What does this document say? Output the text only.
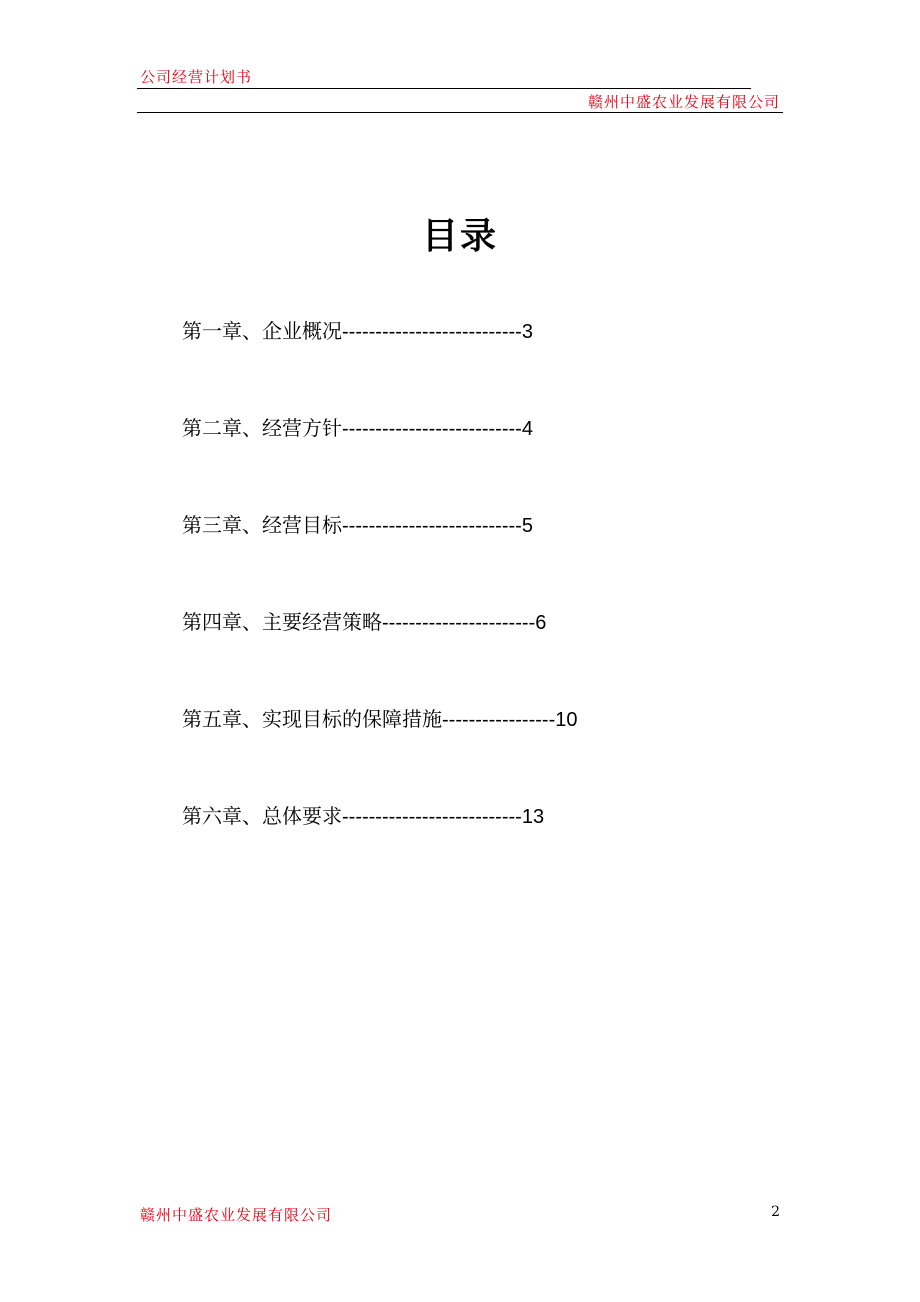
公司经营计划书
赣州中盛农业发展有限公司
目录
第一章、企业概况---------------------------3
第二章、经营方针---------------------------4
第三章、经营目标---------------------------5
第四章、主要经营策略-----------------------6
第五章、实现目标的保障措施-----------------10
第六章、总体要求---------------------------13
赣州中盛农业发展有限公司	2
